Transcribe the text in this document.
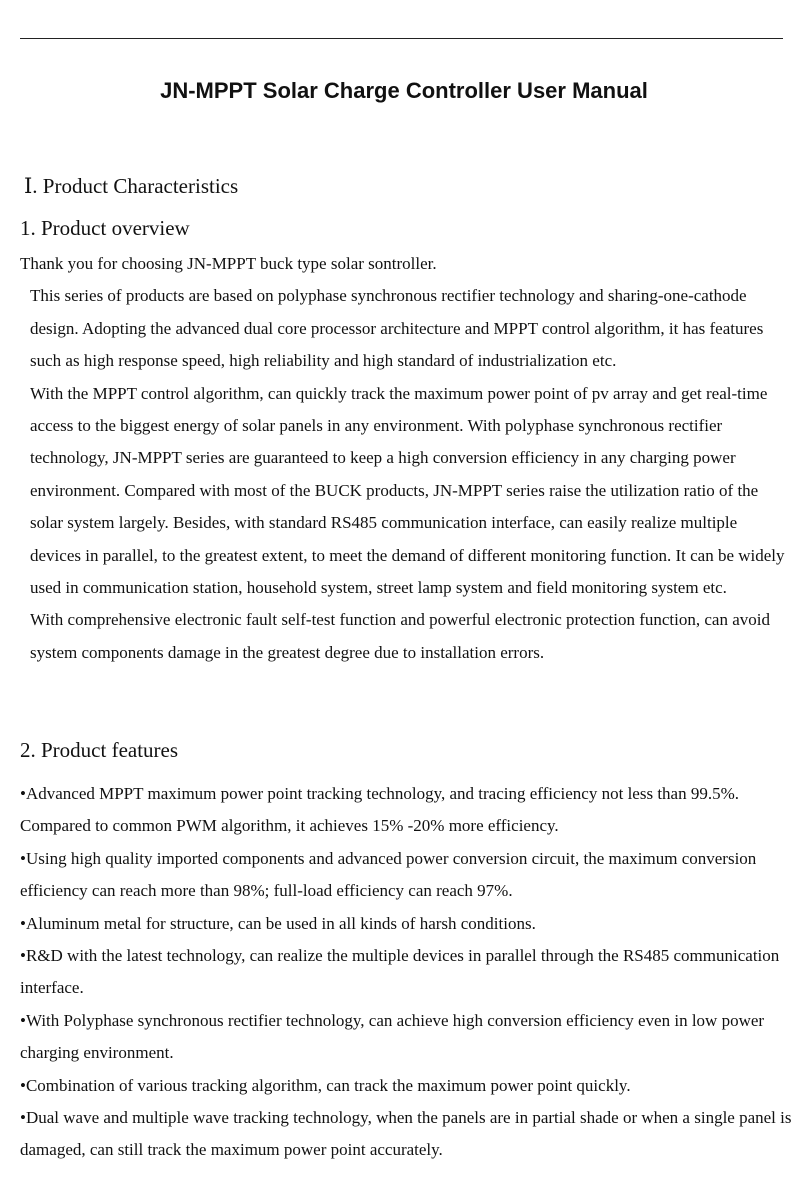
JN-MPPT Solar Charge Controller User Manual
Ⅰ. Product Characteristics
1. Product overview

Thank you for choosing JN-MPPT buck type solar sontroller.

This series of products are based on polyphase synchronous rectifier technology and sharing-one-cathode design. Adopting the advanced dual core processor architecture and MPPT control algorithm, it has features such as high response speed, high reliability and high standard of industrialization etc.

With the MPPT control algorithm, can quickly track the maximum power point of pv array and get real-time access to the biggest energy of solar panels in any environment. With polyphase synchronous rectifier technology, JN-MPPT series are guaranteed to keep a high conversion efficiency in any charging power environment. Compared with most of the BUCK products, JN-MPPT series raise the utilization ratio of the solar system largely. Besides, with standard RS485 communication interface, can easily realize multiple devices in parallel, to the greatest extent, to meet the demand of different monitoring function. It can be widely used in communication station, household system, street lamp system and field monitoring system etc.

With comprehensive electronic fault self-test function and powerful electronic protection function, can avoid system components damage in the greatest degree due to installation errors.

2. Product features

• Advanced MPPT maximum power point tracking technology, and tracing efficiency not less than 99.5%. Compared to common PWM algorithm, it achieves 15% -20% more efficiency.

• Using high quality imported components and advanced power conversion circuit, the maximum conversion efficiency can reach more than 98%; full-load efficiency can reach 97%.

• Aluminum metal for structure, can be used in all kinds of harsh conditions.

• R&D with the latest technology, can realize the multiple devices in parallel through the RS485 communication interface.

• With Polyphase synchronous rectifier technology, can achieve high conversion efficiency even in low power charging environment.

• Combination of various tracking algorithm, can track the maximum power point quickly.

• Dual wave and multiple wave tracking technology, when the panels are in partial shade or when a single panel is damaged, can still track the maximum power point accurately.
